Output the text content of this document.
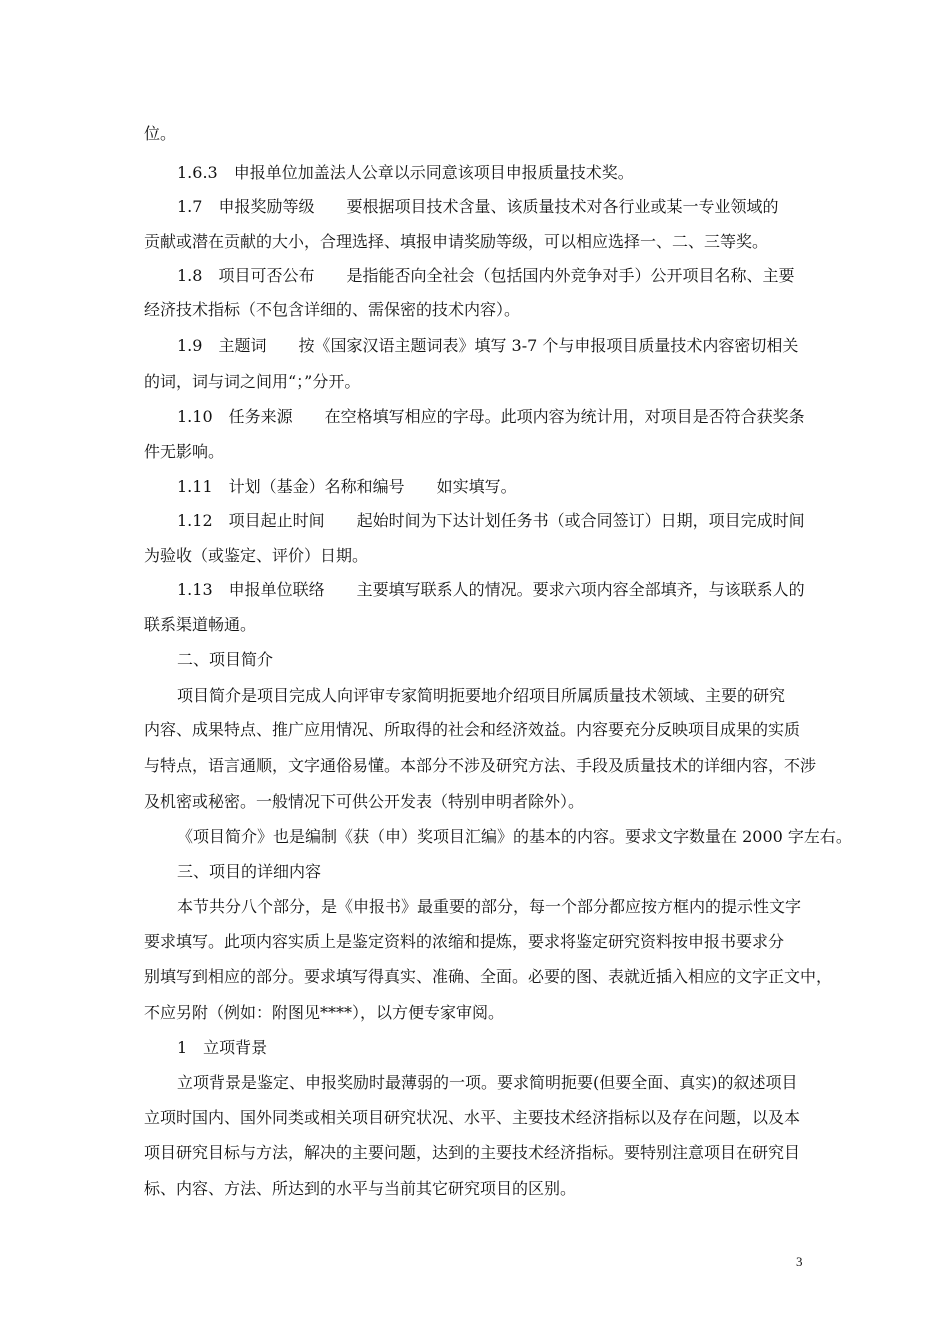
位。
1.6.3　申报单位加盖法人公章以示同意该项目申报质量技术奖。
1.7　申报奖励等级　　要根据项目技术含量、该质量技术对各行业或某一专业领域的
贡献或潜在贡献的大小，合理选择、填报申请奖励等级，可以相应选择一、二、三等奖。
1.8　项目可否公布　　是指能否向全社会（包括国内外竞争对手）公开项目名称、主要
经济技术指标（不包含详细的、需保密的技术内容）。
1.9　主题词　　按《国家汉语主题词表》填写 3-7 个与申报项目质量技术内容密切相关
的词，词与词之间用“；”分开。
1.10　任务来源　　在空格填写相应的字母。此项内容为统计用，对项目是否符合获奖条
件无影响。
1.11　计划（基金）名称和编号　　如实填写。
1.12　项目起止时间　　起始时间为下达计划任务书（或合同签订）日期，项目完成时间
为验收（或鉴定、评价）日期。
1.13　申报单位联络　　主要填写联系人的情况。要求六项内容全部填齐，与该联系人的
联系渠道畅通。
二、项目简介
项目简介是项目完成人向评审专家简明扼要地介绍项目所属质量技术领域、主要的研究
内容、成果特点、推广应用情况、所取得的社会和经济效益。内容要充分反映项目成果的实质
与特点，语言通顺，文字通俗易懂。本部分不涉及研究方法、手段及质量技术的详细内容，不涉
及机密或秘密。一般情况下可供公开发表（特别申明者除外）。
《项目简介》也是编制《获（申）奖项目汇编》的基本的内容。要求文字数量在 2000 字左右。
三、项目的详细内容
本节共分八个部分，是《申报书》最重要的部分，每一个部分都应按方框内的提示性文字
要求填写。此项内容实质上是鉴定资料的浓缩和提炼，要求将鉴定研究资料按申报书要求分
别填写到相应的部分。要求填写得真实、准确、全面。必要的图、表就近插入相应的文字正文中，
不应另附（例如：附图见****），以方便专家审阅。
1　立项背景
立项背景是鉴定、申报奖励时最薄弱的一项。要求简明扼要(但要全面、真实)的叙述项目
立项时国内、国外同类或相关项目研究状况、水平、主要技术经济指标以及存在问题，以及本
项目研究目标与方法，解决的主要问题，达到的主要技术经济指标。要特别注意项目在研究目
标、内容、方法、所达到的水平与当前其它研究项目的区别。
3
